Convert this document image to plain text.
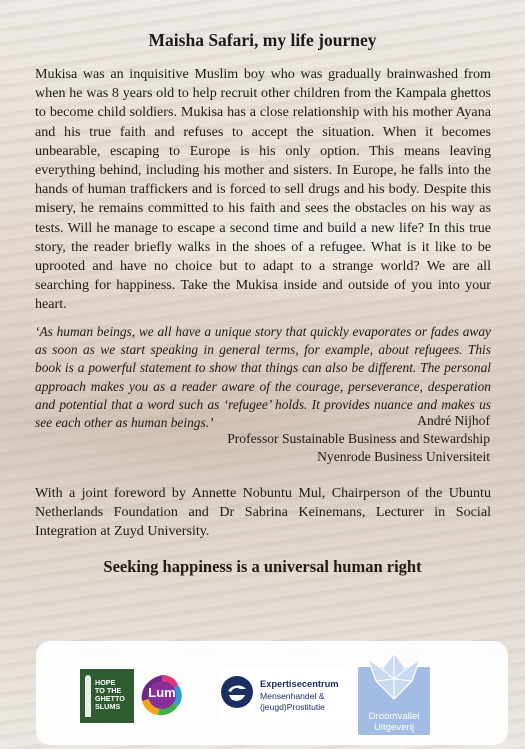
Maisha Safari, my life journey

Mukisa was an inquisitive Muslim boy who was gradually brainwashed from when he was 8 years old to help recruit other children from the Kampala ghettos to become child soldiers. Mukisa has a close relationship with his mother Ayana and his true faith and refuses to accept the situation. When it becomes unbearable, escaping to Europe is his only option. This means leaving everything behind, including his mother and sisters. In Europe, he falls into the hands of human traffickers and is forced to sell drugs and his body. Despite this misery, he remains committed to his faith and sees the obstacles on his way as tests. Will he manage to escape a second time and build a new life? In this true story, the reader briefly walks in the shoes of a refugee. What is it like to be uprooted and have no choice but to adapt to a strange world? We are all searching for happiness. Take the Mukisa inside and outside of you into your heart.

‘As human beings, we all have a unique story that quickly evaporates or fades away as soon as we start speaking in general terms, for example, about refugees. This book is a powerful statement to show that things can also be different. The personal approach makes you as a reader aware of the courage, perseverance, desperation and potential that a word such as ‘refugee’ holds. It provides nuance and makes us see each other as human beings.’	André Nijhof
Professor Sustainable Business and Stewardship
Nyenrode Business Universiteit

With a joint foreword by Annette Nobuntu Mul, Chairperson of the Ubuntu Netherlands Foundation and Dr Sabrina Keinemans, Lecturer in Social Integration at Zuyd University.

Seeking happiness is a universal human right
HOPE
TO THE
GHETTO
SLUMS
Lum
Expertisecentrum
Mensenhandel &
(jeugd)Prostitutie
Droomvallei
Uitgeverij
